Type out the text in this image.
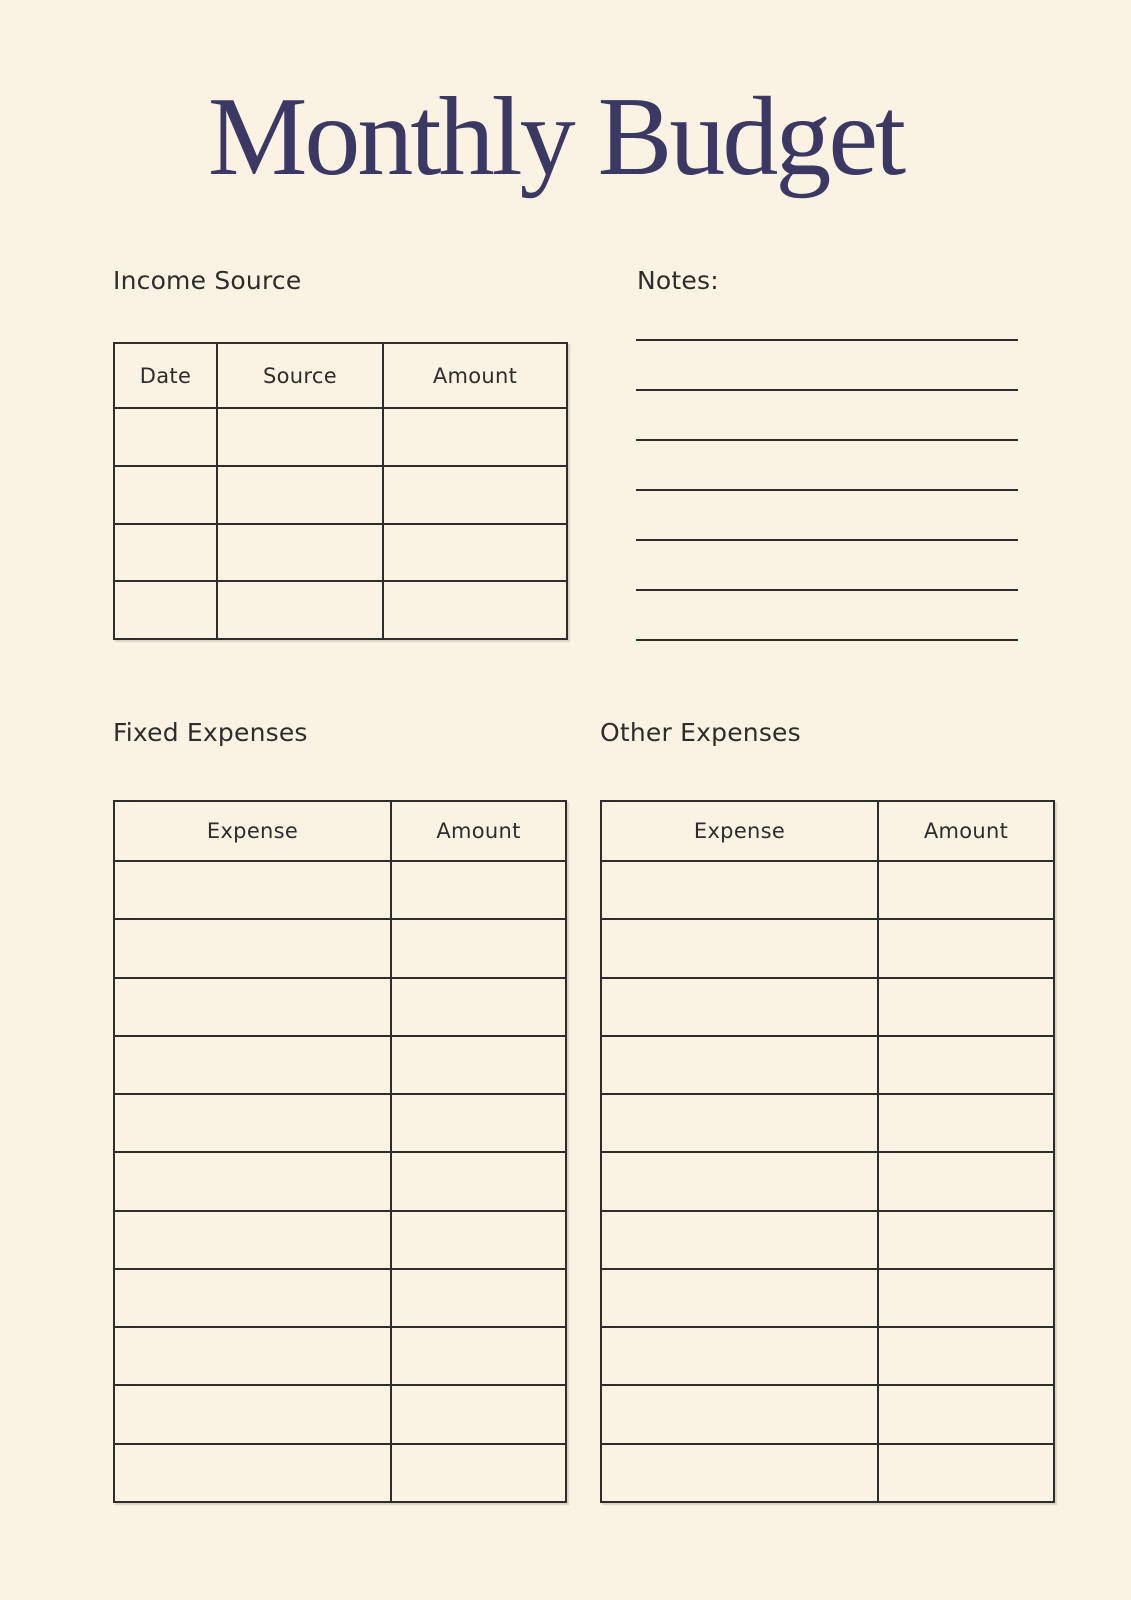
Monthly Budget
Income Source
Date	Source	Amount

Notes:
Fixed Expenses
Expense	Amount

Other Expenses
Expense	Amount
